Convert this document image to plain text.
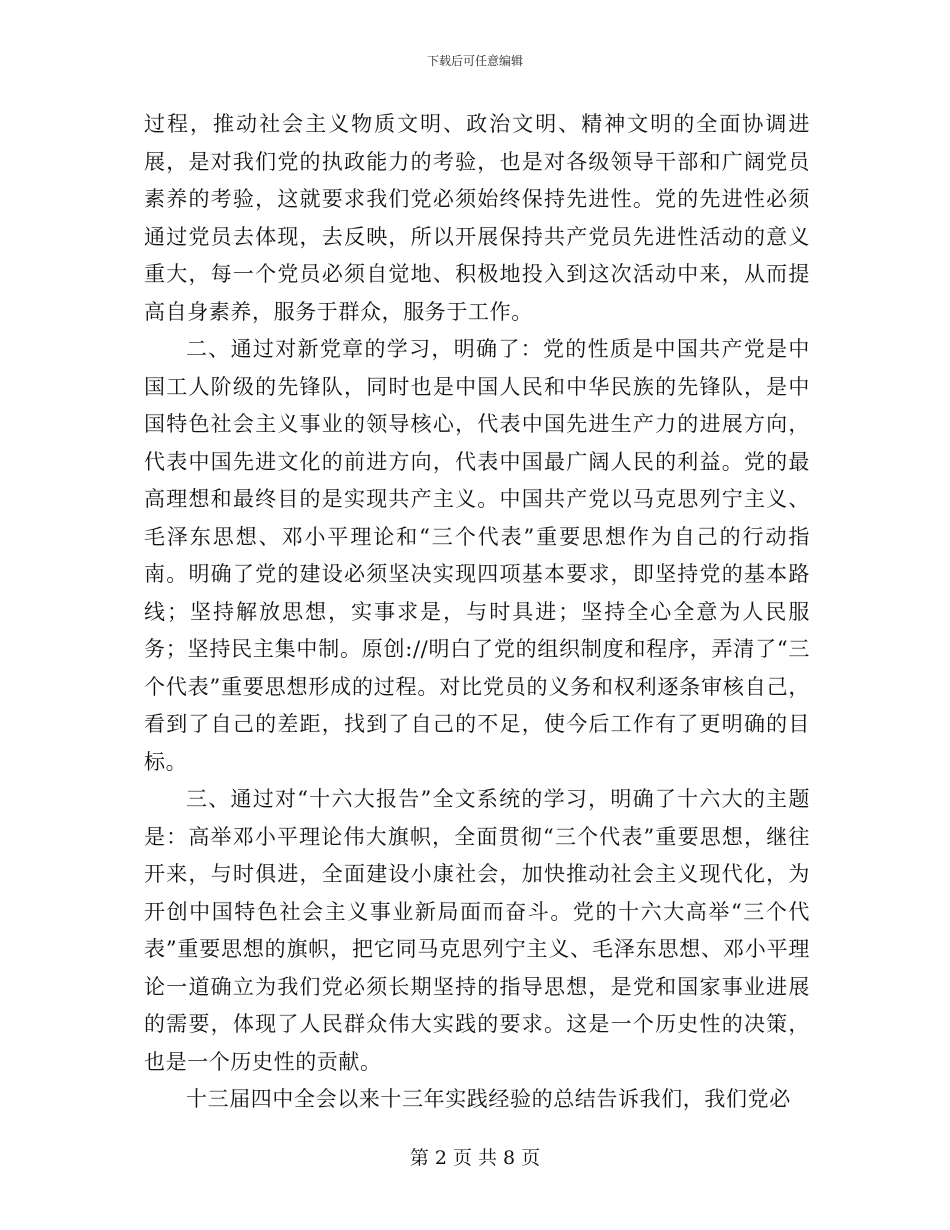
下载后可任意编辑

过程，推动社会主义物质文明、政治文明、精神文明的全面协调进展，是对我们党的执政能力的考验，也是对各级领导干部和广阔党员素养的考验，这就要求我们党必须始终保持先进性。党的先进性必须通过党员去体现，去反映，所以开展保持共产党员先进性活动的意义重大，每一个党员必须自觉地、积极地投入到这次活动中来，从而提高自身素养，服务于群众，服务于工作。

二、通过对新党章的学习，明确了：党的性质是中国共产党是中国工人阶级的先锋队，同时也是中国人民和中华民族的先锋队，是中国特色社会主义事业的领导核心，代表中国先进生产力的进展方向，代表中国先进文化的前进方向，代表中国最广阔人民的利益。党的最高理想和最终目的是实现共产主义。中国共产党以马克思列宁主义、毛泽东思想、邓小平理论和“三个代表”重要思想作为自己的行动指南。明确了党的建设必须坚决实现四项基本要求，即坚持党的基本路线；坚持解放思想，实事求是，与时具进；坚持全心全意为人民服务；坚持民主集中制。原创://明白了党的组织制度和程序，弄清了“三个代表”重要思想形成的过程。对比党员的义务和权利逐条审核自己，看到了自己的差距，找到了自己的不足，使今后工作有了更明确的目标。

三、通过对“十六大报告”全文系统的学习，明确了十六大的主题是：高举邓小平理论伟大旗帜，全面贯彻“三个代表”重要思想，继往开来，与时俱进，全面建设小康社会，加快推动社会主义现代化，为开创中国特色社会主义事业新局面而奋斗。党的十六大高举“三个代表”重要思想的旗帜，把它同马克思列宁主义、毛泽东思想、邓小平理论一道确立为我们党必须长期坚持的指导思想，是党和国家事业进展的需要，体现了人民群众伟大实践的要求。这是一个历史性的决策，也是一个历史性的贡献。

十三届四中全会以来十三年实践经验的总结告诉我们，我们党必

第 2 页 共 8 页
